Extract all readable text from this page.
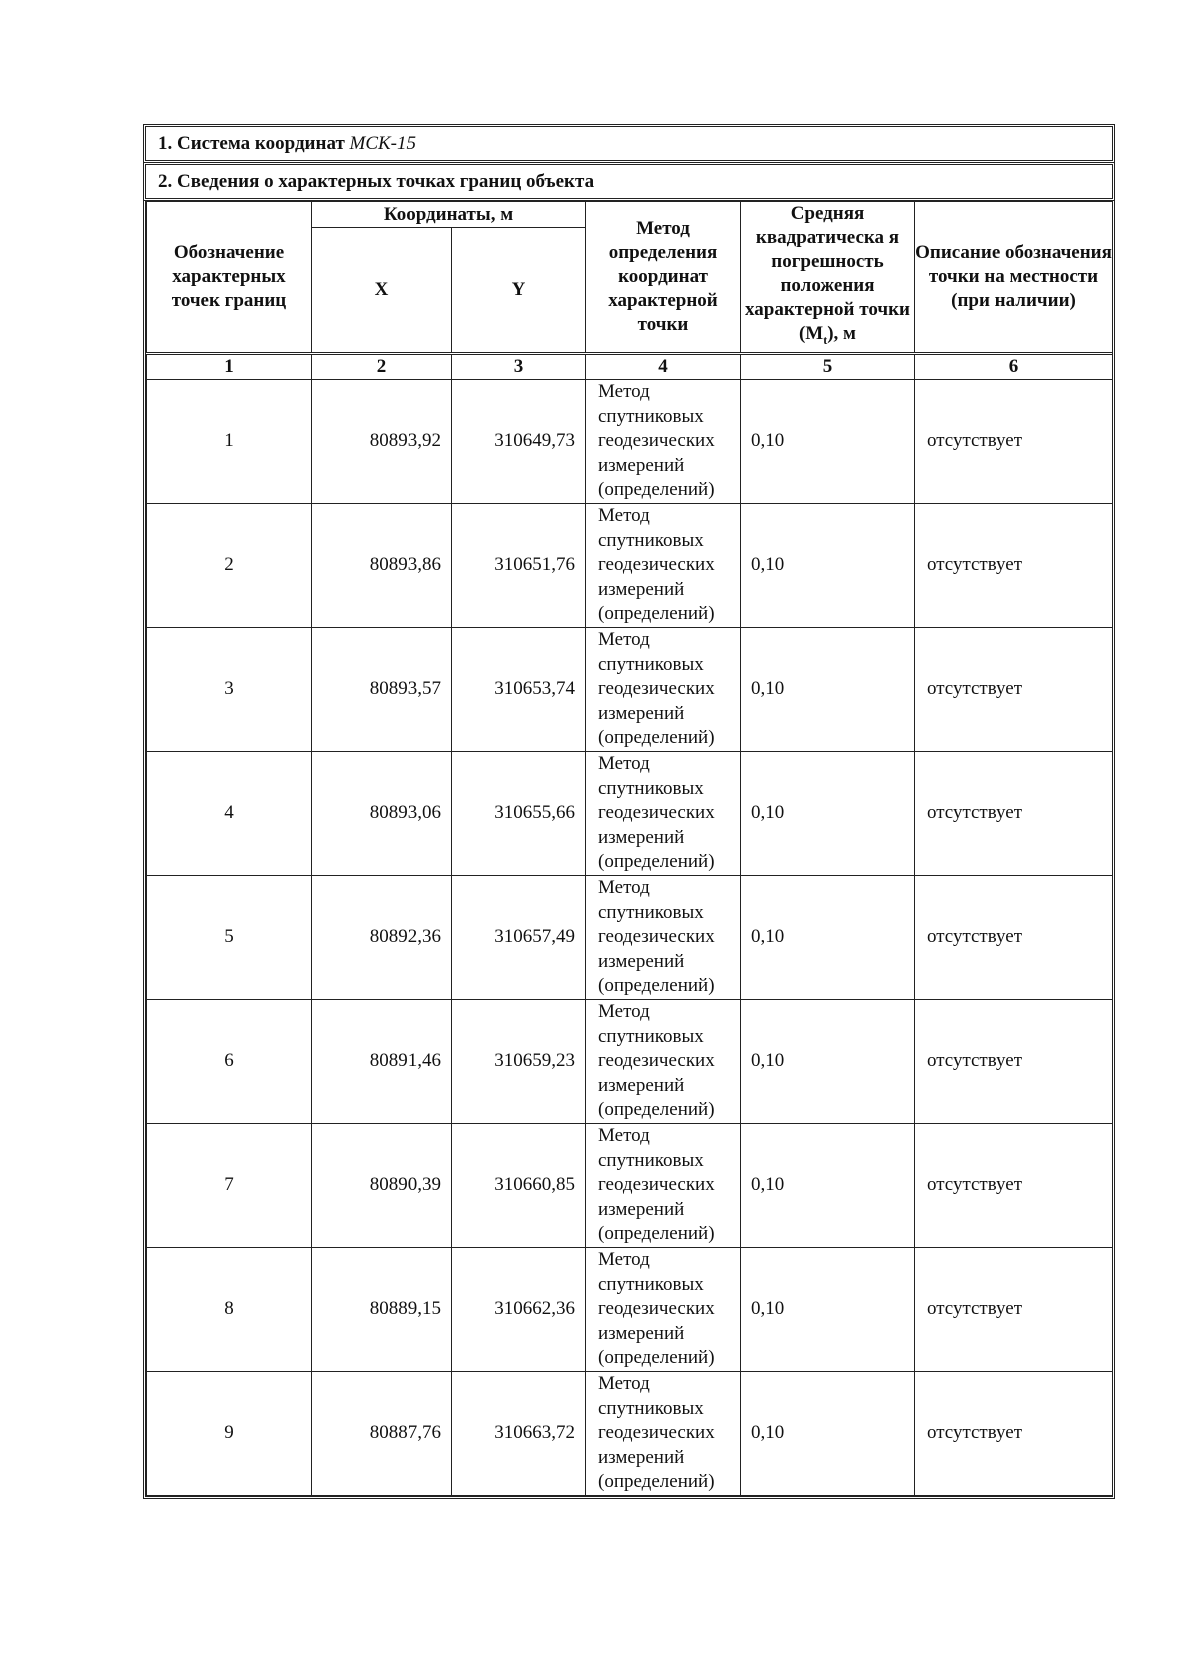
1. Система координат
МСК-15
2. Сведения о характерных точках границ объекта
Обозначение характерных точек границ	Координаты, м		Метод определения координат характерной точки	Средняя квадратическа я погрешность положения характерной точки $(M_t)$, м	Описание обозначения точки на местности (при наличии)
	X	Y			
1	2	3	4	5	6
1	80893,92	310649,73	Метод
спутниковых
геодезических
измерений
(определений)	0,10	отсутствует
2	80893,86	310651,76	Метод
спутниковых
геодезических
измерений
(определений)	0,10	отсутствует
3	80893,57	310653,74	Метод
спутниковых
геодезических
измерений
(определений)	0,10	отсутствует
4	80893,06	310655,66	Метод
спутниковых
геодезических
измерений
(определений)	0,10	отсутствует
5	80892,36	310657,49	Метод
спутниковых
геодезических
измерений
(определений)	0,10	отсутствует
6	80891,46	310659,23	Метод
спутниковых
геодезических
измерений
(определений)	0,10	отсутствует
7	80890,39	310660,85	Метод
спутниковых
геодезических
измерений
(определений)	0,10	отсутствует
8	80889,15	310662,36	Метод
спутниковых
геодезических
измерений
(определений)	0,10	отсутствует
9	80887,76	310663,72	Метод
спутниковых
геодезических
измерений
(определений)	0,10	отсутствует
